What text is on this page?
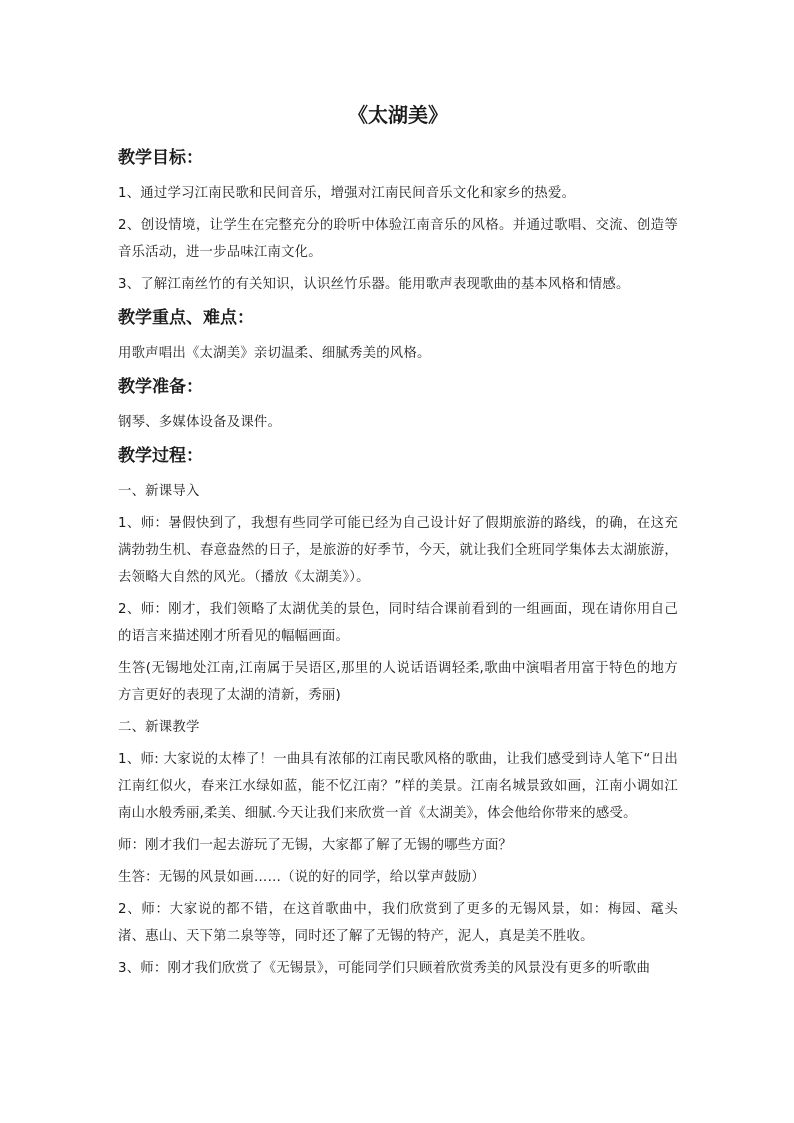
《太湖美》
教学目标：

1、通过学习江南民歌和民间音乐，增强对江南民间音乐文化和家乡的热爱。

2、创设情境，让学生在完整充分的聆听中体验江南音乐的风格。并通过歌唱、交流、创造等音乐活动，进一步品味江南文化。

3、了解江南丝竹的有关知识，认识丝竹乐器。能用歌声表现歌曲的基本风格和情感。

教学重点、难点：

用歌声唱出《太湖美》亲切温柔、细腻秀美的风格。

教学准备：

钢琴、多媒体设备及课件。

教学过程：

一、新课导入

1、师：暑假快到了，我想有些同学可能已经为自己设计好了假期旅游的路线，的确，在这充满勃勃生机、春意盎然的日子，是旅游的好季节，今天，就让我们全班同学集体去太湖旅游，去领略大自然的风光。（播放《太湖美》）。

2、师：刚才，我们领略了太湖优美的景色，同时结合课前看到的一组画面，现在请你用自己的语言来描述刚才所看见的幅幅画面。

生答(无锡地处江南,江南属于吴语区,那里的人说话语调轻柔,歌曲中演唱者用富于特色的地方方言更好的表现了太湖的清新，秀丽)

二、新课教学

1、师: 大家说的太棒了！一曲具有浓郁的江南民歌风格的歌曲，让我们感受到诗人笔下“日出江南红似火，春来江水绿如蓝，能不忆江南？”样的美景。江南名城景致如画，江南小调如江南山水般秀丽,柔美、细腻.今天让我们来欣赏一首《太湖美》，体会他给你带来的感受。

师：刚才我们一起去游玩了无锡，大家都了解了无锡的哪些方面？

生答：无锡的风景如画……（说的好的同学，给以掌声鼓励）

2、师：大家说的都不错，在这首歌曲中，我们欣赏到了更多的无锡风景，如：梅园、鼋头渚、惠山、天下第二泉等等，同时还了解了无锡的特产，泥人，真是美不胜收。

3、师：刚才我们欣赏了《无锡景》，可能同学们只顾着欣赏秀美的风景没有更多的听歌曲
